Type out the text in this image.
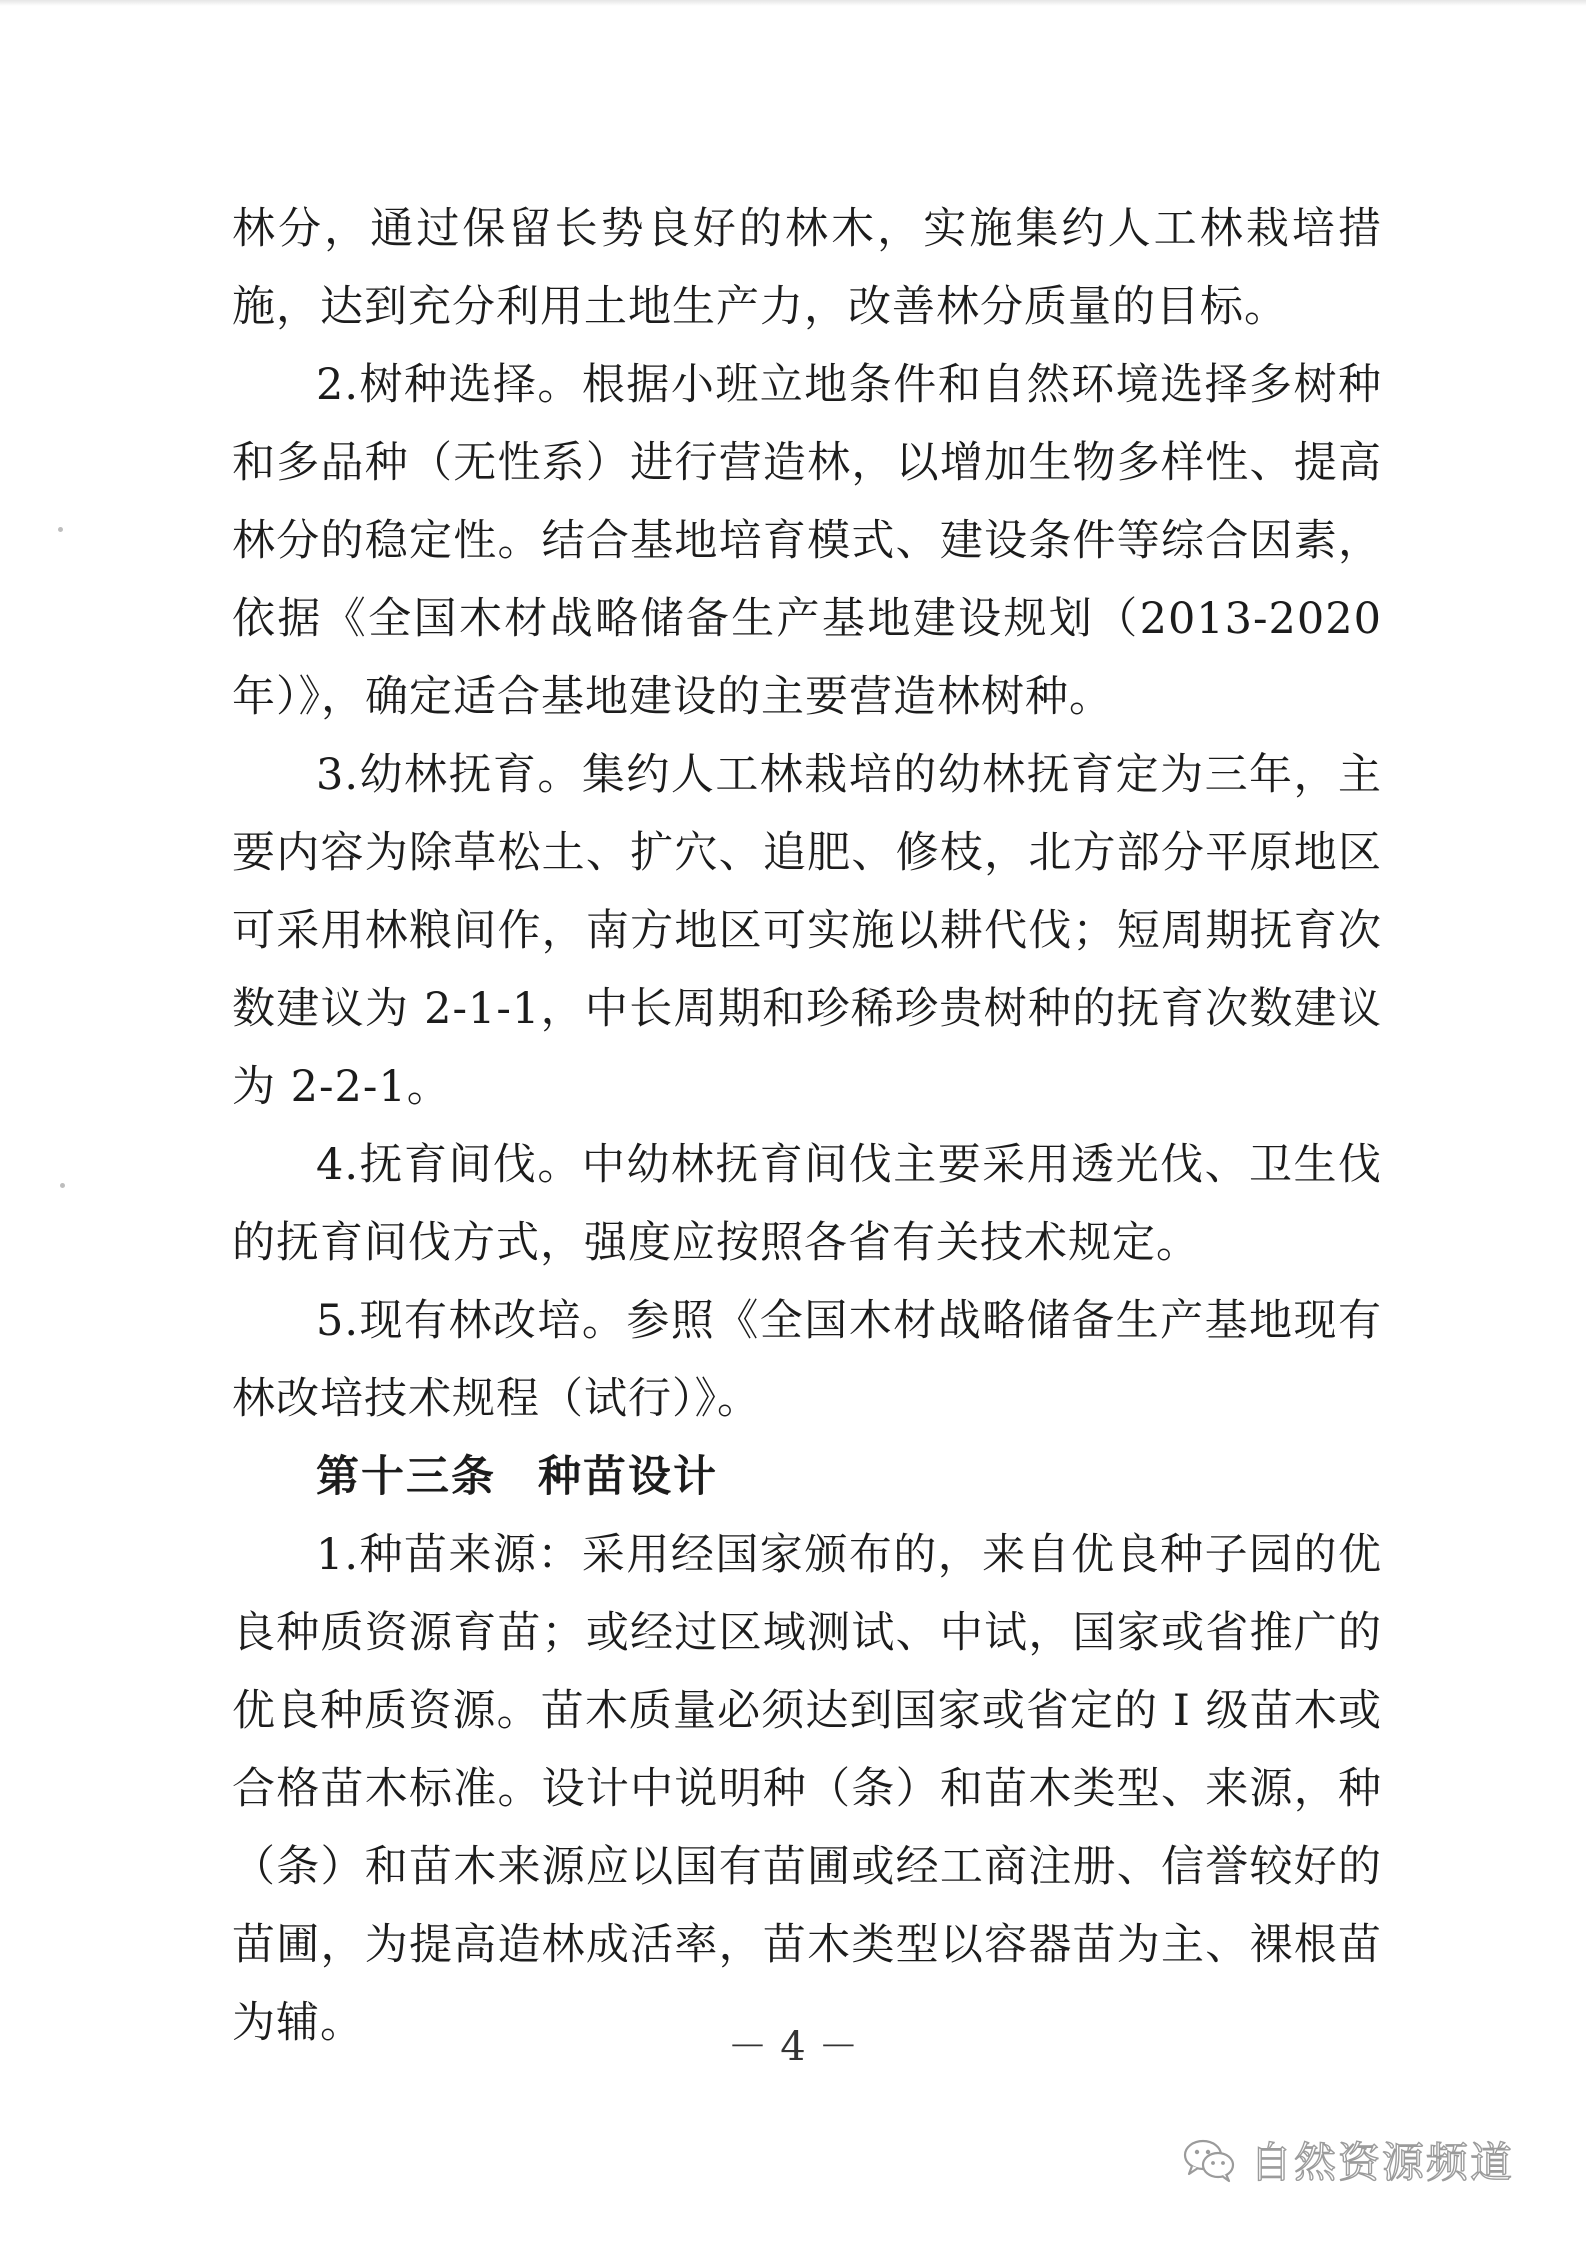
林分，通过保留长势良好的林木，实施集约人工林栽培措施，达到充分利用土地生产力，改善林分质量的目标。

2.树种选择。根据小班立地条件和自然环境选择多树种和多品种（无性系）进行营造林，以增加生物多样性、提高林分的稳定性。结合基地培育模式、建设条件等综合因素，依据《全国木材战略储备生产基地建设规划（2013-2020 年）》，确定适合基地建设的主要营造林树种。

3.幼林抚育。集约人工林栽培的幼林抚育定为三年，主要内容为除草松土、扩穴、追肥、修枝，北方部分平原地区可采用林粮间作，南方地区可实施以耕代伐；短周期抚育次数建议为 2-1-1，中长周期和珍稀珍贵树种的抚育次数建议为 2-2-1。

4.抚育间伐。中幼林抚育间伐主要采用透光伐、卫生伐的抚育间伐方式，强度应按照各省有关技术规定。

5.现有林改培。参照《全国木材战略储备生产基地现有林改培技术规程（试行）》。

第十三条 种苗设计

1.种苗来源：采用经国家颁布的，来自优良种子园的优良种质资源育苗；或经过区域测试、中试，国家或省推广的优良种质资源。苗木质量必须达到国家或省定的 I 级苗木或合格苗木标准。设计中说明种（条）和苗木类型、来源，种（条）和苗木来源应以国有苗圃或经工商注册、信誉较好的苗圃，为提高造林成活率，苗木类型以容器苗为主、裸根苗为辅。	－ 4 －
自然资源频道
